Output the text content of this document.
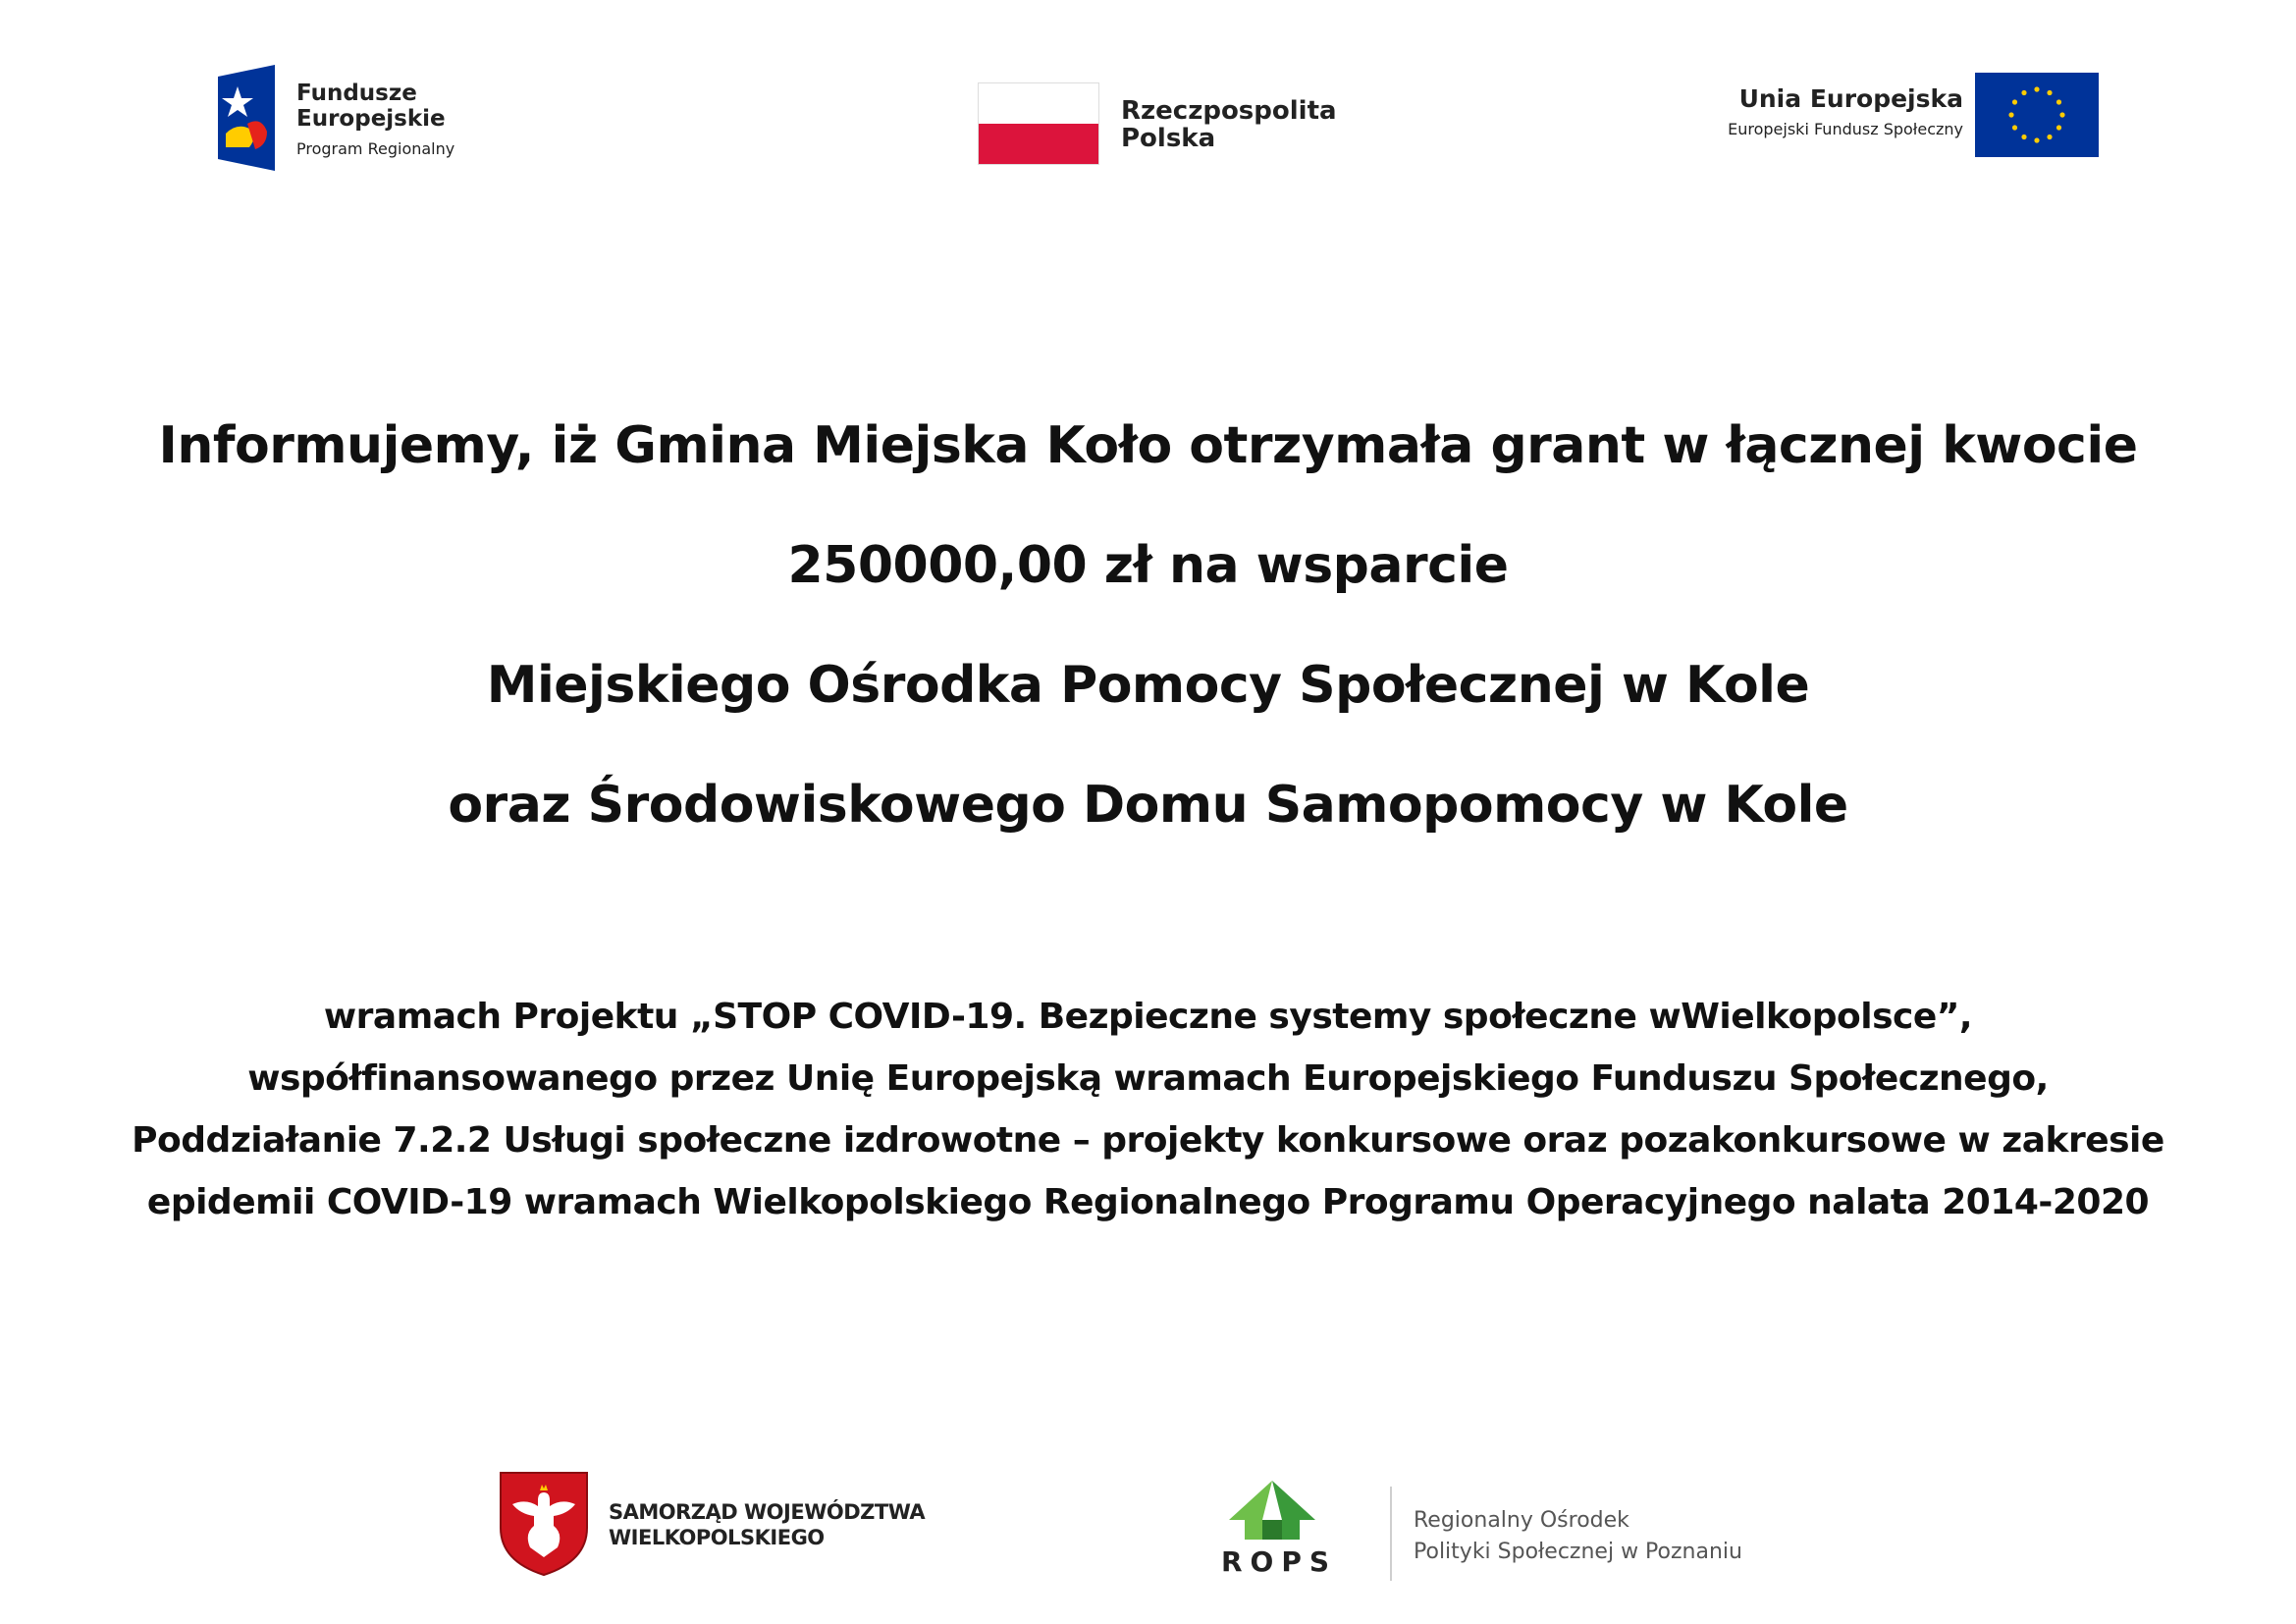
Fundusze
Europejskie
Program Regionalny
Rzeczpospolita
Polska
Unia Europejska
Europejski Fundusz Społeczny
Informujemy, iż Gmina Miejska Koło otrzymała grant w łącznej kwocie
250000,00 zł na wsparcie
Miejskiego Ośrodka Pomocy Społecznej w Kole
oraz Środowiskowego Domu Samopomocy w Kole
wramach Projektu „STOP COVID-19. Bezpieczne systemy społeczne wWielkopolsce”,
współfinansowanego przez Unię Europejską wramach Europejskiego Funduszu Społecznego,
Poddziałanie 7.2.2 Usługi społeczne izdrowotne – projekty konkursowe oraz pozakonkursowe w zakresie
epidemii COVID-19 wramach Wielkopolskiego Regionalnego Programu Operacyjnego nalata 2014-2020
SAMORZĄD WOJEWÓDZTWA
WIELKOPOLSKIEGO
ROPS
Regionalny Ośrodek
Polityki Społecznej w Poznaniu
